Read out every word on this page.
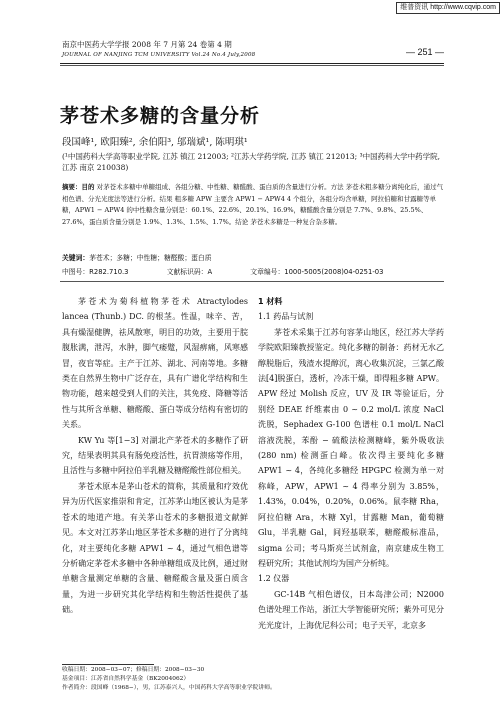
维普资讯 http://www.cqvip.com
南京中医药大学学报 2008 年 7 月第 24 卷第 4 期
JOURNAL OF NANJING TCM UNIVERSITY Vol.24 No.4 July,2008	— 251 —
茅苍术多糖的含量分析
段国峰¹, 欧阳臻², 余伯阳³, 邬瑞斌¹, 陈明琪¹
(¹中国药科大学高等职业学院, 江苏 镇江 212003; ²江苏大学药学院, 江苏 镇江 212013; ³中国药科大学中药学院, 江苏 南京 210038)
摘要：目的 对茅苍术多糖中单糖组成、各组分糖、中性糖、糖醛酸、蛋白质的含量进行分析。方法 茅苍术粗多糖分离纯化后，通过气相色谱、分光光度法等进行分析。结果 粗多糖 APW 主要含 APW1 − APW4 4 个组分，各组分均含单糖，阿拉伯糖和甘露糖等单糖，APW1 − APW4 的中性糖含量分别是：60.1%、22.6%、20.1%、16.9%，糖醛酸含量分别是 7.7%、9.8%、25.5%、27.6%，蛋白质含量分别是 1.9%、1.3%、1.5%、1.7%。结论 茅苍术多糖是一种复合杂多糖。
关键词：茅苍术；多糖；中性糖；糖醛酸；蛋白质
中图号：R282.710.3	文献标识码：A	文章编号：1000-5005(2008)04-0251-03

茅苍术为菊科植物茅苍术 Atractylodes lancea (Thunb.) DC. 的根茎。性温，味辛、苦，具有燥湿健脾，祛风散寒，明目的功效，主要用于脘腹胀满，泄泻，水肿，脚气痿躄，风湿痹痛，风寒感冒，夜盲等症。主产于江苏、湖北、河南等地。多糖类在自然界生物中广泛存在，具有广谱化学结构和生物功能，越来越受到人们的关注，其免疫、降糖等活性与其所含单糖、糖醛酸、蛋白等成分结构有密切的关系。

KW Yu 等[1−3] 对湖北产茅苍术的多糖作了研究，结果表明其具有肠免疫活性，抗胃溃疡等作用，且活性与多糖中阿拉伯半乳糖及糖醛酸性部位相关。

茅苍术原本是茅山苍术的简称，其质量和疗效优异为历代医家推崇和肯定，江苏茅山地区被认为是茅苍术的地道产地。有关茅山苍术的多糖报道文献鲜见。本文对江苏茅山地区茅苍术多糖的进行了分离纯化，对主要纯化多糖 APW1 ~ 4，通过气相色谱等分析确定茅苍术多糖中各种单糖组成及比例，通过财单糖含量测定单糖的含量、糖醛酸含量及蛋白质含量，为进一步研究其化学结构和生物活性提供了基础。

1 材料
1.1 药品与试剂

茅苍术采集于江苏句容茅山地区，经江苏大学药学院欧阳臻教授鉴定。纯化多糖的制备：药材无水乙醇脱脂后，残渣水提醇沉，离心收集沉淀，三氯乙酸法[4]脱蛋白，透析，冷冻干燥，即得粗多糖 APW。APW 经过 Molish 反应，UV 及 IR 等验证后，分别经 DEAE 纤维素由 0 ~ 0.2 mol/L 浓度 NaCl 洗脱，Sephadex G-100 色谱柱 0.1 mol/L NaCl 溶液洗脱，苯酚 − 硫酸法检测糖峰，紫外吸收法 (280 nm) 检测蛋白峰。依次得主要纯化多糖 APW1 ~ 4，各纯化多糖经 HPGPC 检测为单一对称峰，APW，APW1 ~ 4 得率分别为 3.85%，1.43%，0.04%，0.20%，0.06%。鼠李糖 Rha，阿拉伯糖 Ara，木糖 Xyl，甘露糖 Man，葡萄糖 Glu，半乳糖 Gal，间羟基联苯，糖醛酸标准品，sigma 公司；考马斯亮兰试剂盒，南京建成生物工程研究所；其他试剂均为国产分析纯。

1.2 仪器

GC-14B 气相色谱仪，日本岛津公司；N2000 色谱处理工作站，浙江大学智能研究所；紫外可见分光光度计，上海优尼科公司；电子天平，北京多

收稿日期：2008−03−07；修稿日期：2008−03−30
基金项目：江苏省自然科学基金（BK2004062）
作者简介：段国峰（1968−），男，江苏泰兴人，中国药科大学高等职业学院讲师。
